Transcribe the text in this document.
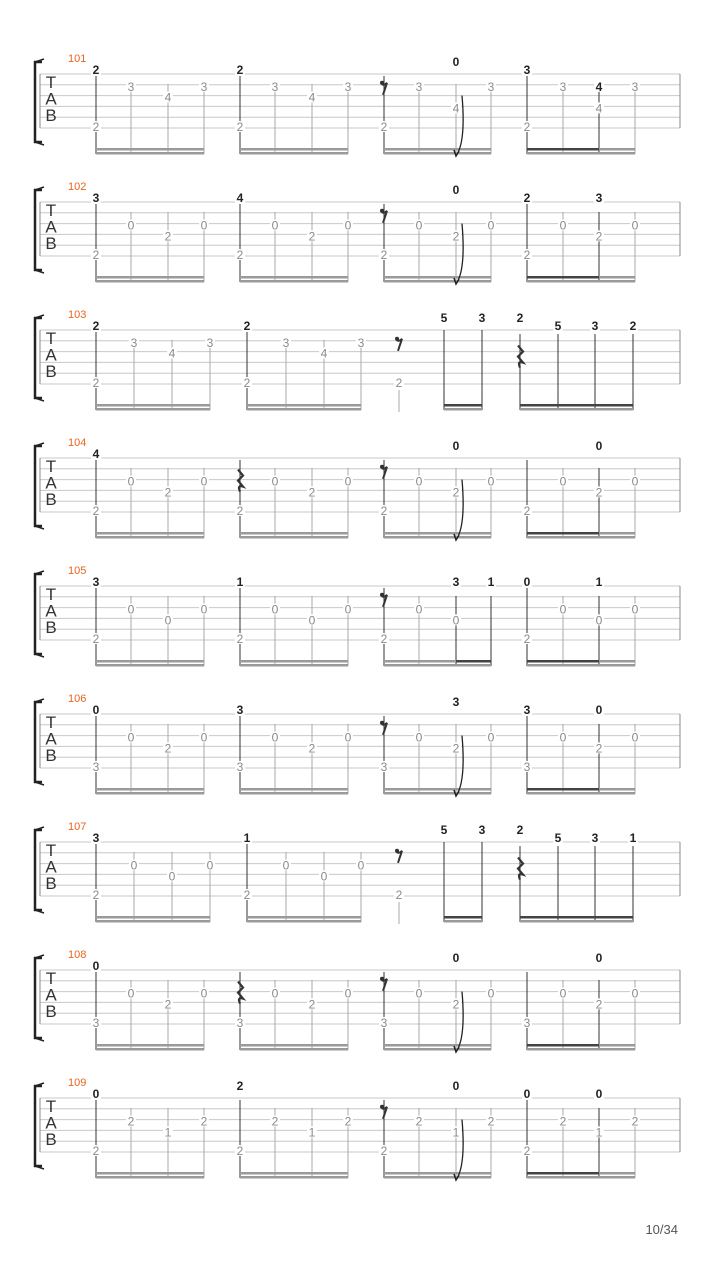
101
T
A
B
2
2
3
4
3
2
2
3
4
3
2
3
0
3
4
3
2
3 4 3
4
102
T
A
B
3
2
0
2
0
4
2
0
2
0
2
0
0
0
2
2
2
0
3
0
2
103
T
A
B
2
2
3
4
3
2
2
3
4
3
2
5	3	2
5	3	2
104
T
A
B
4
2
0
2
0
2
0
2
0
2
0
0
0
2
2
0
0
0
2
105
T
A
B
3
2
0
0
0
1
2
0
0
0
2
0
3 1
0
0
2
0
1
0
0
106
T
A
B
0
3
0
2
0
3
3
0
2
0
3
0
3
0
2
3
3
0
0
0
2
107
T
A
B
3
2
0
0
0
1
2
0
0
0
2
5	3	2
5	3	1
108
T
A
B
0
3
0
2
0
3
0
2
0
3
0
0
0
2
3
0
0
0
2
109
T
A
B
0
2
2
1
2
2
2
2
1
2
2
2
0
2
1
0
2
2
0
2
1
10/34
